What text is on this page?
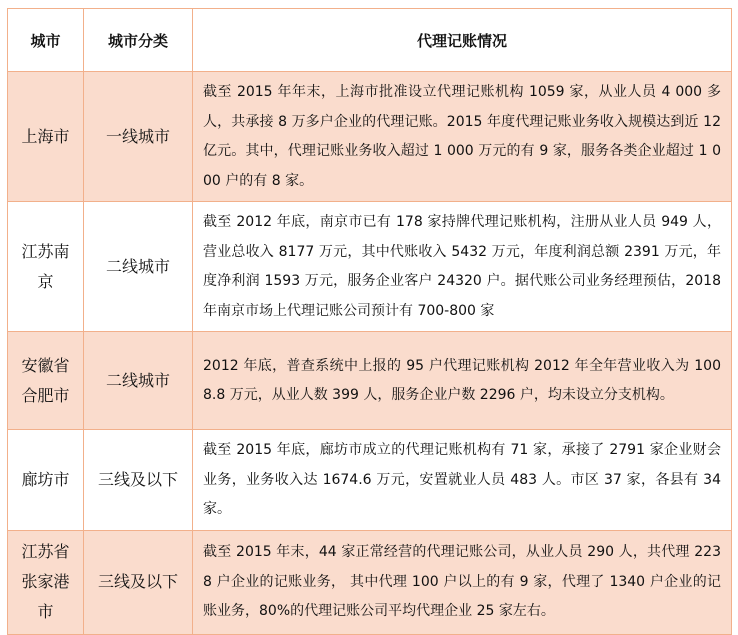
城市	城市分类	代理记账情况
上海市	一线城市	截至 2015 年年末，上海市批准设立代理记账机构 1059 家，从业人员 4 000 多人，共承接 8 万多户企业的代理记账。2015 年度代理记账业务收入规模达到近 12 亿元。其中，代理记账业务收入超过 1 000 万元的有 9 家，服务各类企业超过 1 000 户的有 8 家。
江苏南京	二线城市	截至 2012 年底，南京市已有 178 家持牌代理记账机构，注册从业人员 949 人，营业总收入 8177 万元，其中代账收入 5432 万元，年度利润总额 2391 万元，年度净利润 1593 万元，服务企业客户 24320 户。据代账公司业务经理预估，2018 年南京市场上代理记账公司预计有 700-800 家
安徽省合肥市	二线城市	2012 年底，普查系统中上报的 95 户代理记账机构 2012 年全年营业收入为 1008.8 万元，从业人数 399 人，服务企业户数 2296 户，均未设立分支机构。
廊坊市	三线及以下	截至 2015 年底，廊坊市成立的代理记账机构有 71 家，承接了 2791 家企业财会业务，业务收入达 1674.6 万元，安置就业人员 483 人。市区 37 家，各县有 34 家。
江苏省张家港市	三线及以下	截至 2015 年末，44 家正常经营的代理记账公司，从业人员 290 人，共代理 2238 户企业的记账业务， 其中代理 100 户以上的有 9 家，代理了 1340 户企业的记账业务，80%的代理记账公司平均代理企业 25 家左右。
